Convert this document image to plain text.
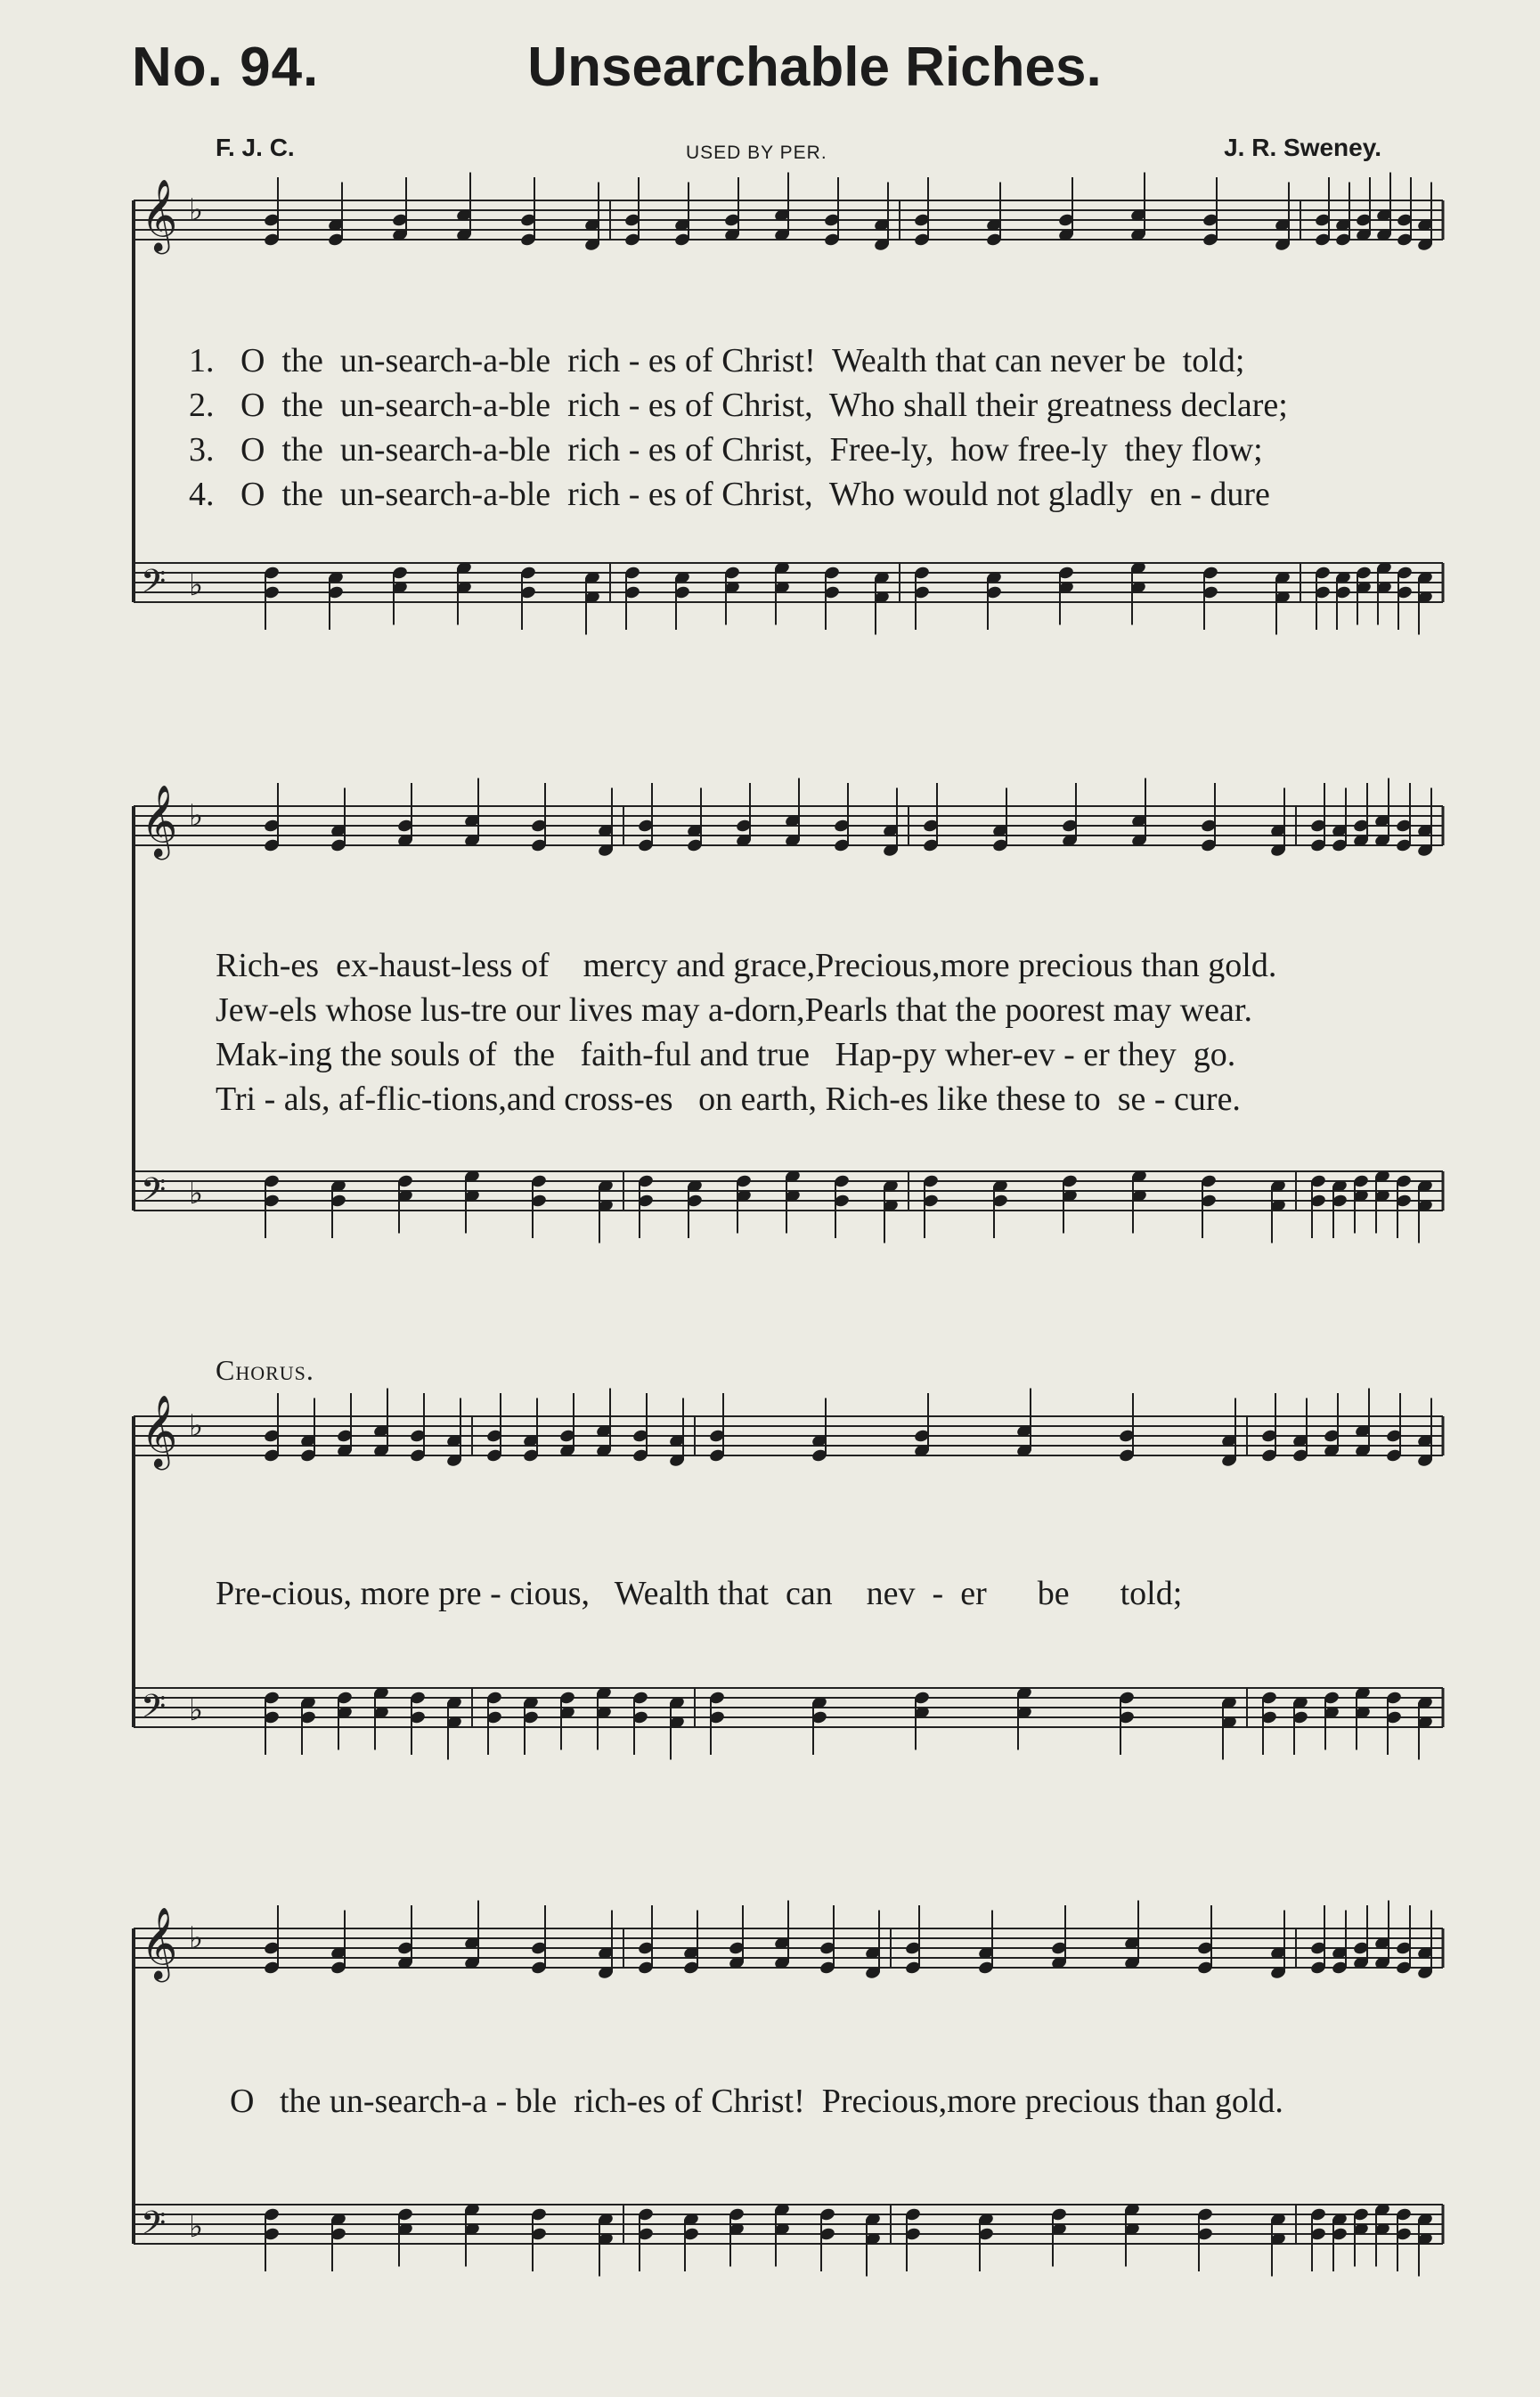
No. 94.	Unsearchable Riches.
F. J. C.	USED BY PER.	J. R. Sweney.
𝄞 ♭
𝄢 ♭
𝄞 ♭
𝄢 ♭
𝄞 ♭
𝄢 ♭
𝄞 ♭
𝄢 ♭
1. O  the  un-search-a-ble  rich - es of Christ!  Wealth that can never be  told;
2. O  the  un-search-a-ble  rich - es of Christ,  Who shall their greatness declare;
3. O  the  un-search-a-ble  rich - es of Christ,  Free-ly,  how free-ly  they flow;
4. O  the  un-search-a-ble  rich - es of Christ,  Who would not gladly  en - dure
Rich-es  ex-haust-less of    mercy and grace,Precious,more precious than gold.
Jew-els whose lus-tre our lives may a-dorn,Pearls that the poorest may wear.
Mak-ing the souls of  the   faith-ful and true   Hap-py wher-ev - er they  go.
Tri - als, af-flic-tions,and cross-es   on earth, Rich-es like these to  se - cure.
Chorus.
Pre-cious, more pre - cious,   Wealth that  can    nev  -  er      be      told;
O   the un-search-a - ble  rich-es of Christ!  Precious,more precious than gold.
